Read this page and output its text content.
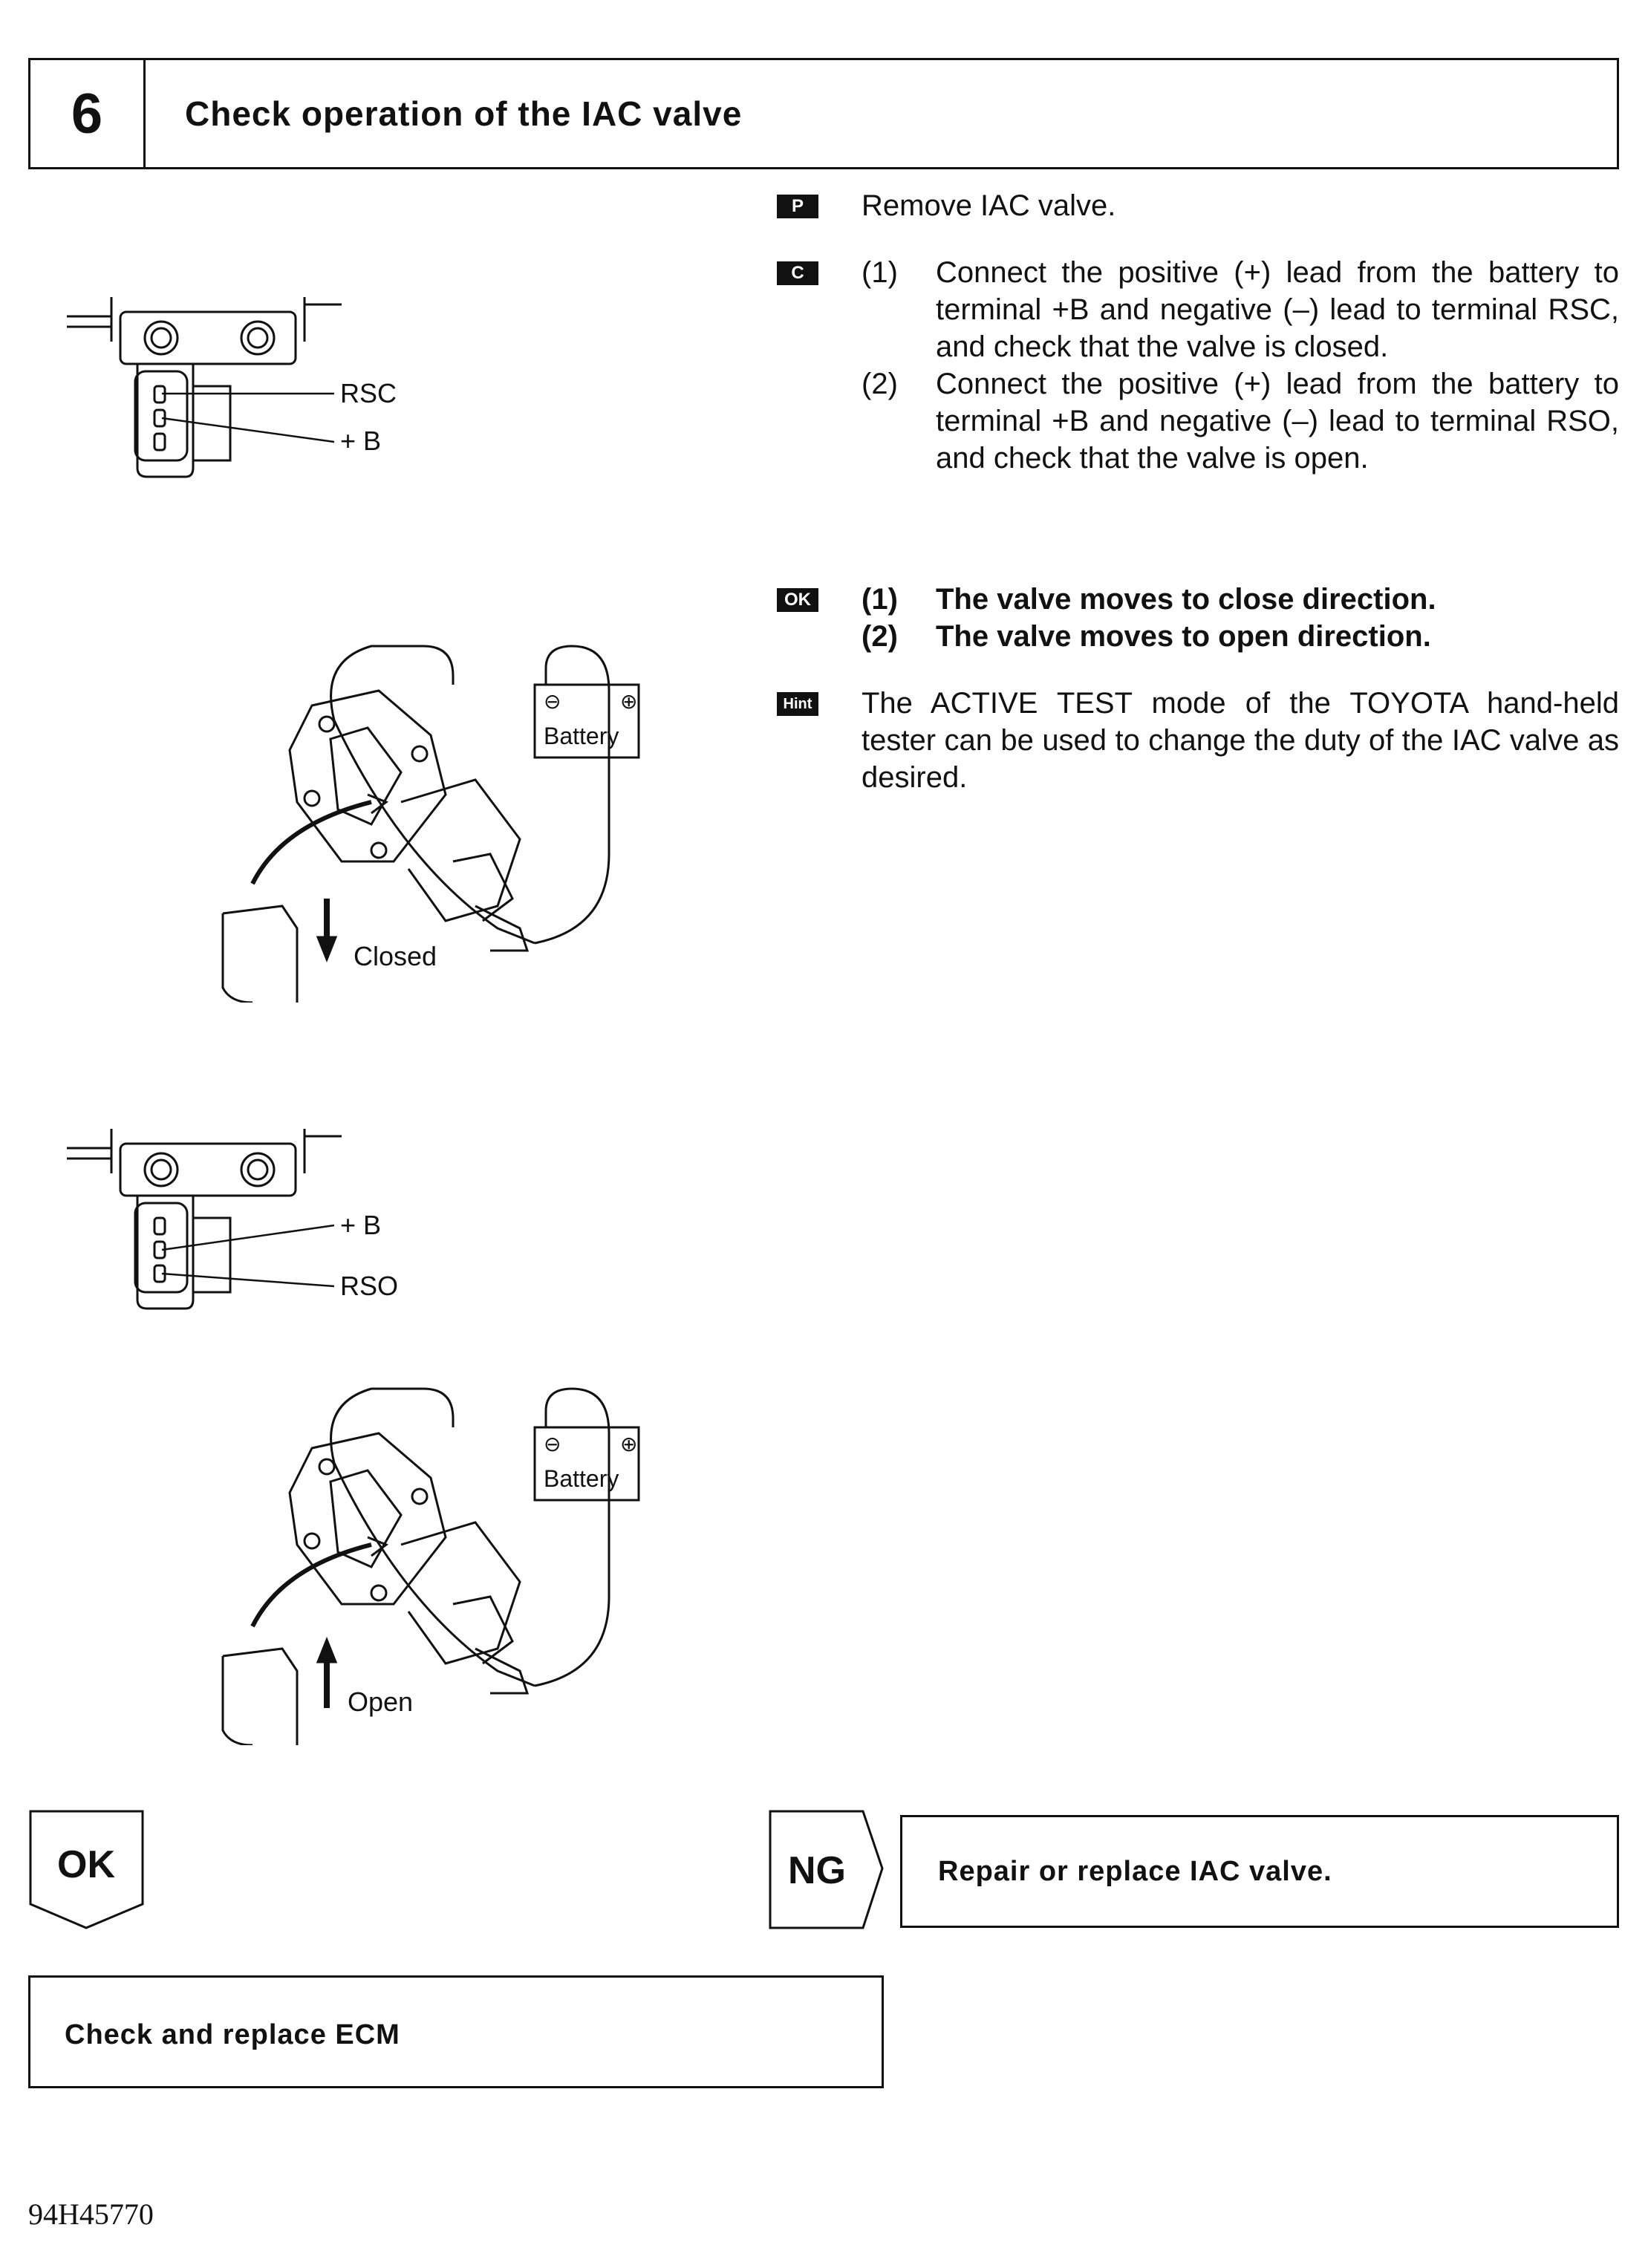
6	Check operation of the IAC valve
P	Remove IAC valve.
C	(1)	Connect the positive (+) lead from the battery to terminal +B and negative (–) lead to terminal RSC, and check that the valve is closed.
(2)	Connect the positive (+) lead from the battery to terminal +B and negative (–) lead to terminal RSO, and check that the valve is open.
OK (1)	The valve moves to close direction.
(2)	The valve moves to open direction.
Hint The ACTIVE TEST mode of the TOYOTA hand-held tester can be used to change the duty of the IAC valve as desired.
RSC
+ B
⊖	⊕
Battery
Closed
+ B
RSO
⊖	⊕
Battery
Open
OK	NG	Repair or replace IAC valve.
Check and replace ECM
94H45770
